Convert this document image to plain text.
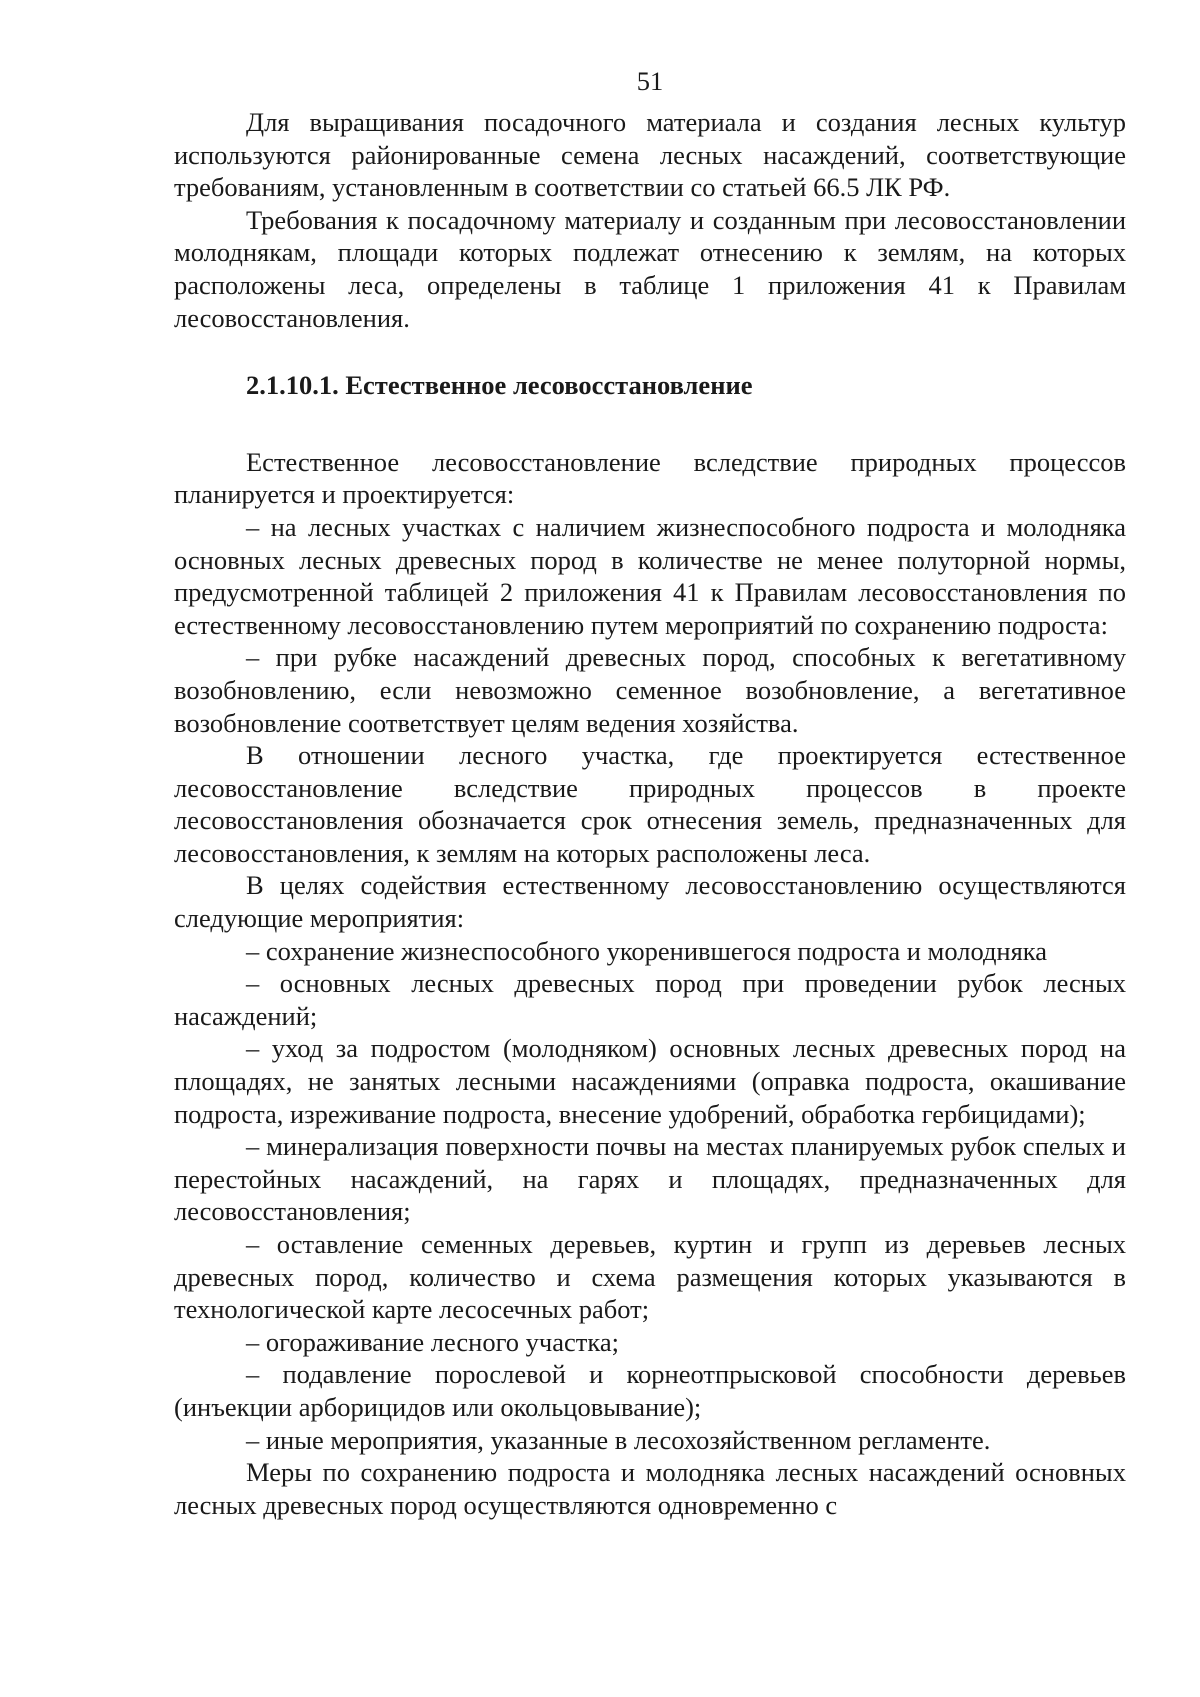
51

Для выращивания посадочного материала и создания лесных культур используются районированные семена лесных насаждений, соответствующие требованиям, установленным в соответствии со статьей 66.5 ЛК РФ.

Требования к посадочному материалу и созданным при лесовосстановлении молоднякам, площади которых подлежат отнесению к землям, на которых расположены леса, определены в таблице 1 приложения 41 к Правилам лесовосстановления.

2.1.10.1. Естественное лесовосстановление

Естественное лесовосстановление вследствие природных процессов планируется и проектируется:

– на лесных участках с наличием жизнеспособного подроста и молодняка основных лесных древесных пород в количестве не менее полуторной нормы, предусмотренной таблицей 2 приложения 41 к Правилам лесовосстановления по естественному лесовосстановлению путем мероприятий по сохранению подроста:

– при рубке насаждений древесных пород, способных к вегетативному возобновлению, если невозможно семенное возобновление, а вегетативное возобновление соответствует целям ведения хозяйства.

В отношении лесного участка, где проектируется естественное лесовосстановление вследствие природных процессов в проекте лесовосстановления обозначается срок отнесения земель, предназначенных для лесовосстановления, к землям на которых расположены леса.

В целях содействия естественному лесовосстановлению осуществляются следующие мероприятия:

– сохранение жизнеспособного укоренившегося подроста и молодняка

– основных лесных древесных пород при проведении рубок лесных насаждений;

– уход за подростом (молодняком) основных лесных древесных пород на площадях, не занятых лесными насаждениями (оправка подроста, окашивание подроста, изреживание подроста, внесение удобрений, обработка гербицидами);

– минерализация поверхности почвы на местах планируемых рубок спелых и перестойных насаждений, на гарях и площадях, предназначенных для лесовосстановления;

– оставление семенных деревьев, куртин и групп из деревьев лесных древесных пород, количество и схема размещения которых указываются в технологической карте лесосечных работ;

– огораживание лесного участка;

– подавление порослевой и корнеотпрысковой способности деревьев (инъекции арборицидов или окольцовывание);

– иные мероприятия, указанные в лесохозяйственном регламенте.

Меры по сохранению подроста и молодняка лесных насаждений основных лесных древесных пород осуществляются одновременно с
